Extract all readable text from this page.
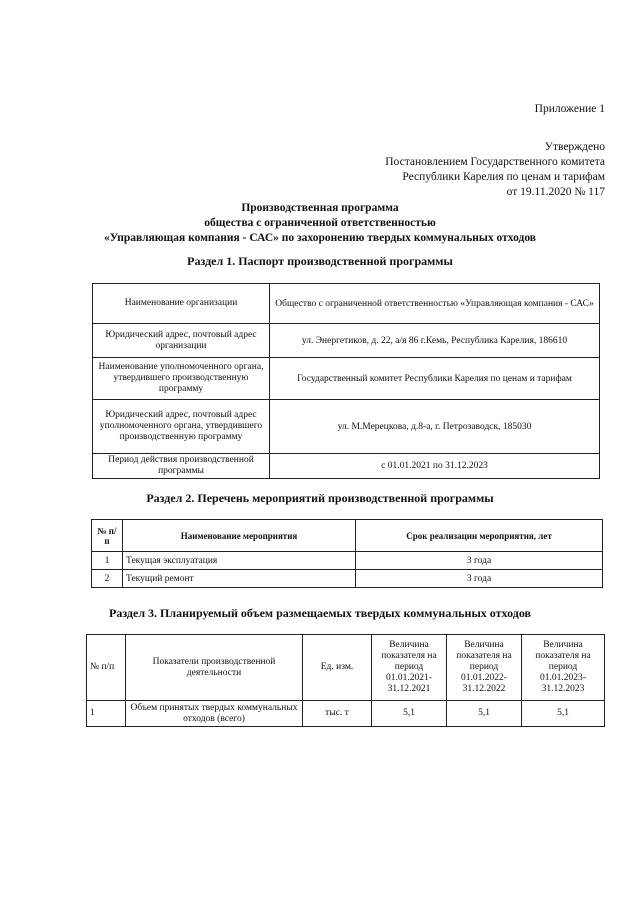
Приложение 1
Утверждено
Постановлением Государственного комитета
Республики Карелия по ценам и тарифам
от 19.11.2020 № 117
Производственная программа
общества с ограниченной ответственностью
«Управляющая компания - САС» по захоронению твердых коммунальных отходов
Раздел 1. Паспорт производственной программы
Наименование организации	Общество с ограниченной ответственностью «Управляющая компания - САС»
Юридический адрес, почтовый адрес организации	ул. Энергетиков, д. 22, а/я 86 г.Кемь, Республика Карелия, 186610
Наименование уполномоченного органа, утвердившего производственную программу	Государственный комитет Республики Карелия по ценам и тарифам
Юридический адрес, почтовый адрес уполномоченного органа, утвердившего производственную программу	ул. М.Мерецкова, д.8-а, г. Петрозаводск, 185030
Период действия производственной программы	с 01.01.2021 по 31.12.2023
Раздел 2. Перечень мероприятий производственной программы
№ п/п	Наименование мероприятия	Срок реализации мероприятия, лет
1	Текущая эксплуатация	3 года
2	Текущий ремонт	3 года
Раздел 3. Планируемый объем размещаемых твердых коммунальных отходов
№ п/п	Показатели производственной деятельности	Ед. изм.	Величина показателя на период 01.01.2021-31.12.2021	Величина показателя на период 01.01.2022-31.12.2022	Величина показателя на период 01.01.2023-31.12.2023
1	Объем принятых твердых коммунальных отходов (всего)	тыс. т	5,1	5,1	5,1
